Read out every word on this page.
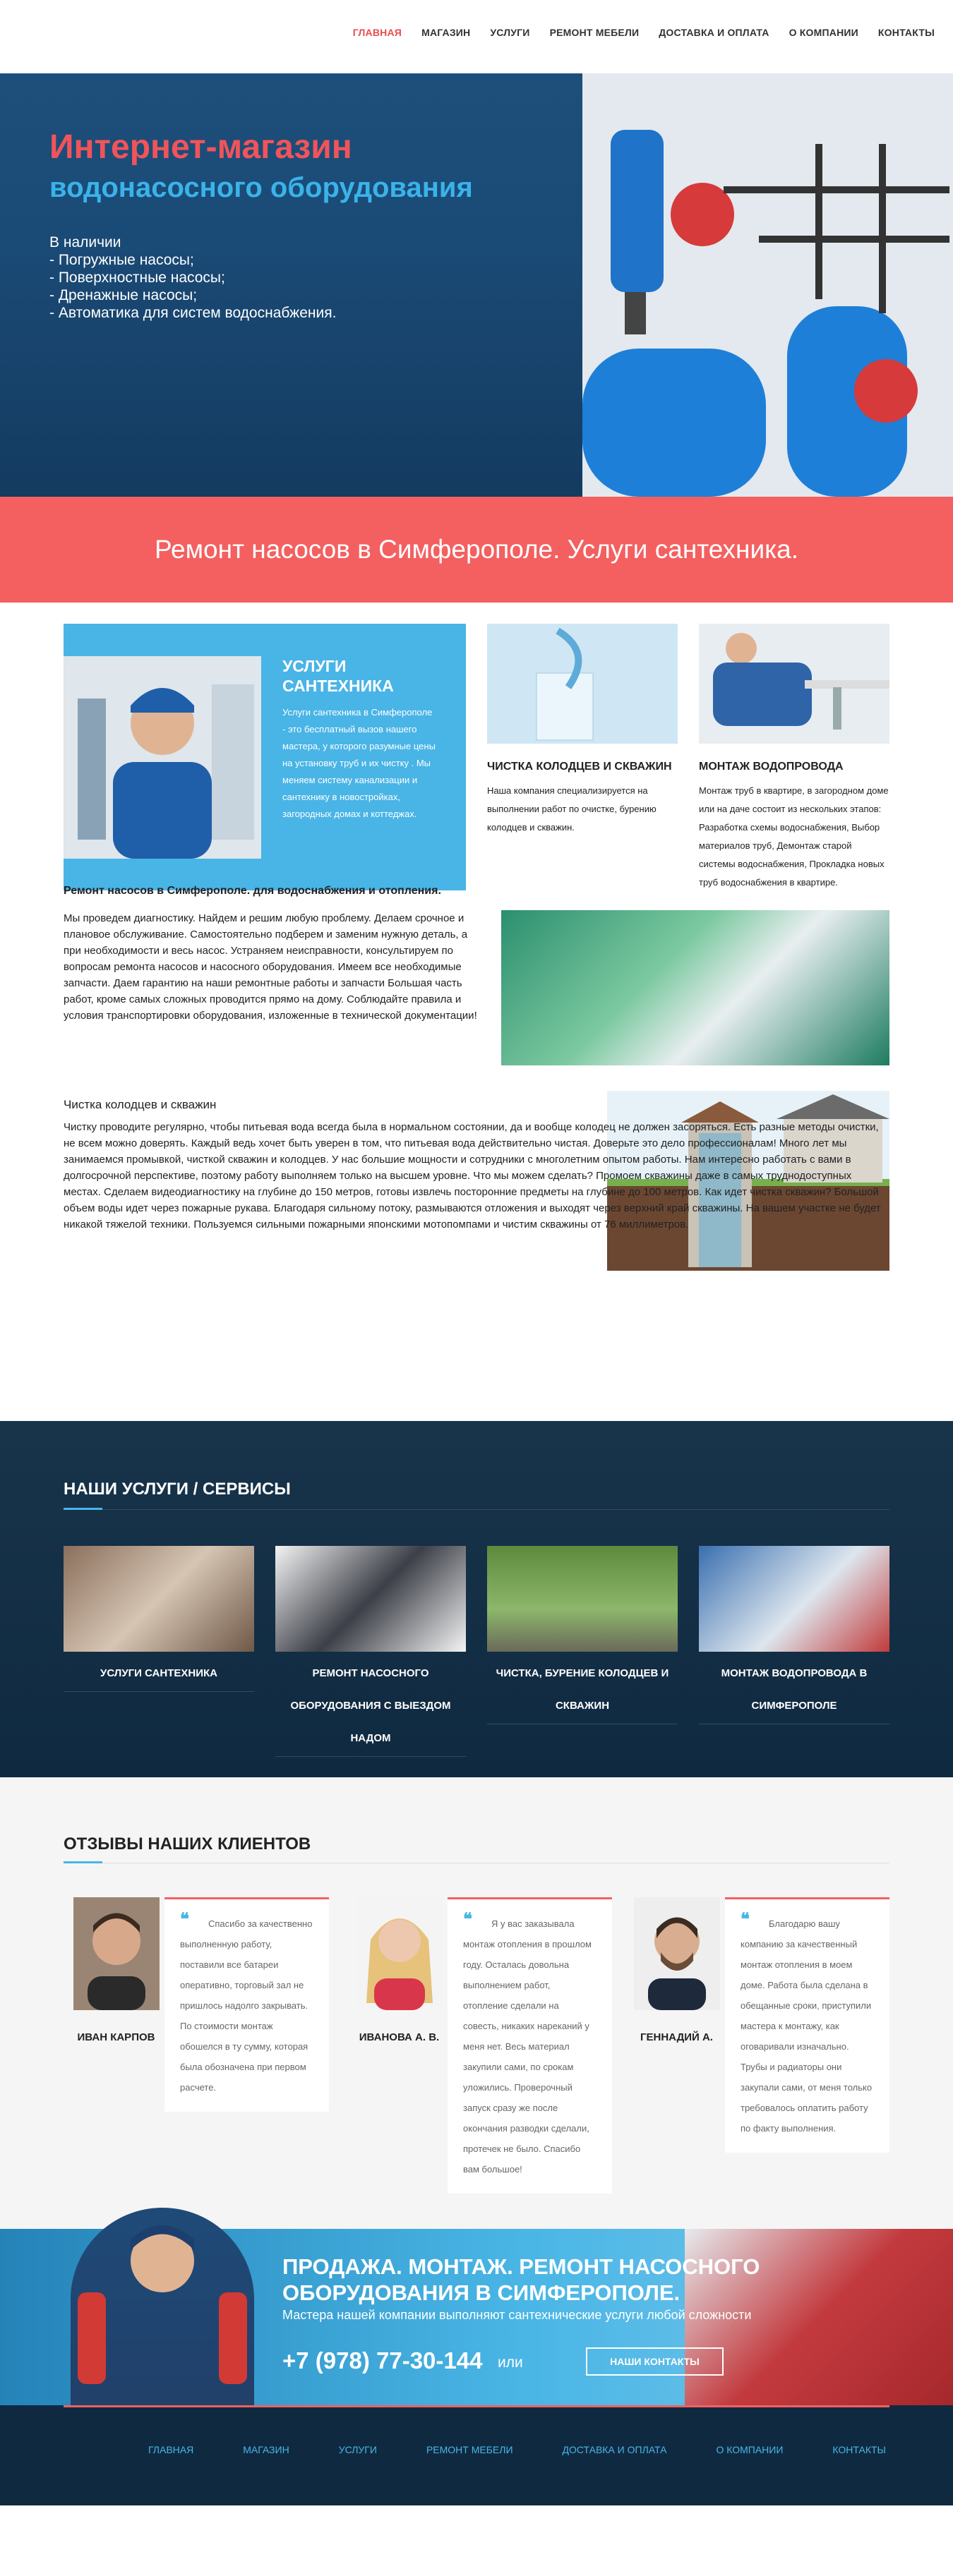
ГЛАВНАЯ МАГАЗИН УСЛУГИ РЕМОНТ МЕБЕЛИ ДОСТАВКА И ОПЛАТА О КОМПАНИИ КОНТАКТЫ
Интернет-магазин
водонасосного оборудования
В наличии
- Погружные насосы;
- Поверхностные насосы;
- Дренажные насосы;
- Автоматика для систем водоснабжения.
Ремонт насосов в Симферополе. Услуги сантехника.
УСЛУГИ САНТЕХНИКА

Услуги сантехника в Симферополе - это бесплатный вызов нашего мастера, у которого разумные цены на установку труб и их чистку . Мы меняем систему канализации и сантехнику в новостройках, загородных домах и коттеджах.

ЧИСТКА КОЛОДЦЕВ И СКВАЖИН

Наша компания специализируется на выполнении работ по очистке, бурению колодцев и скважин.

МОНТАЖ ВОДОПРОВОДА

Монтаж труб в квартире, в загородном доме или на даче состоит из нескольких этапов: Разработка схемы водоснабжения, Выбор материалов труб, Демонтаж старой системы водоснабжения, Прокладка новых труб водоснабжения в квартире.

Ремонт насосов в Симферополе. для водоснабжения и отопления.

Мы проведем диагностику. Найдем и решим любую проблему. Делаем срочное и плановое обслуживание. Самостоятельно подберем и заменим нужную деталь, а при необходимости и весь насос. Устраняем неисправности, консультируем по вопросам ремонта насосов и насосного оборудования. Имеем все необходимые запчасти. Даем гарантию на наши ремонтные работы и запчасти Большая часть работ, кроме самых сложных проводится прямо на дому. Соблюдайте правила и условия транспортировки оборудования, изложенные в технической документации!

Чистка колодцев и скважин

Чистку проводите регулярно, чтобы питьевая вода всегда была в нормальном состоянии, да и вообще колодец не должен засоряться. Есть разные методы очистки, не всем можно доверять. Каждый ведь хочет быть уверен в том, что питьевая вода действительно чистая. Доверьте это дело профессионалам! Много лет мы занимаемся промывкой, чисткой скважин и колодцев. У нас большие мощности и сотрудники с многолетним опытом работы. Нам интересно работать с вами в долгосрочной перспективе, поэтому работу выполняем только на высшем уровне. Что мы можем сделать? Промоем скважины даже в самых труднодоступных местах. Сделаем видеодиагностику на глубине до 150 метров, готовы извлечь посторонние предметы на глубине до 100 метров. Как идет чистка скважин? Большой объем воды идет через пожарные рукава. Благодаря сильному потоку, размываются отложения и выходят через верхний край скважины. На вашем участке не будет никакой тяжелой техники. Пользуемся сильными пожарными японскими мотопомпами и чистим скважины от 76 миллиметров.

НАШИ УСЛУГИ / СЕРВИСЫ
УСЛУГИ САНТЕХНИКА	РЕМОНТ НАСОСНОГО ОБОРУДОВАНИЯ С ВЫЕЗДОМ НАДОМ
ЧИСТКА, БУРЕНИЕ КОЛОДЦЕВ И СКВАЖИН
МОНТАЖ ВОДОПРОВОДА В СИМФЕРОПОЛЕ
ОТЗЫВЫ НАШИХ КЛИЕНТОВ
ИВАН КАРПОВ
❝	Спасибо за качественно выполненную работу, поставили все батареи оперативно, торговый зал не пришлось надолго закрывать. По стоимости монтаж обошелся в ту сумму, которая была обозначена при первом расчете.

ИВАНОВА А. В.
❝	Я у вас заказывала монтаж отопления в прошлом году. Осталась довольна выполнением работ, отопление сделали на совесть, никаких нареканий у меня нет. Весь материал закупили сами, по срокам уложились. Проверочный запуск сразу же после окончания разводки сделали, протечек не было. Спасибо вам большое!

ГЕННАДИЙ А.
❝	Благодарю вашу компанию за качественный монтаж отопления в моем доме. Работа была сделана в обещанные сроки, приступили мастера к монтажу, как оговаривали изначально. Трубы и радиаторы они закупали сами, от меня только требовалось оплатить работу по факту выполнения.

ПРОДАЖА. МОНТАЖ. РЕМОНТ НАСОСНОГО ОБОРУДОВАНИЯ В СИМФЕРОПОЛЕ.
Мастера нашей компании выполняют сантехнические услуги любой сложности
+7 (978) 77-30-144 или	НАШИ КОНТАКТЫ
ГЛАВНАЯ	МАГАЗИН	УСЛУГИ	РЕМОНТ МЕБЕЛИ	ДОСТАВКА И ОПЛАТА	О КОМПАНИИ	КОНТАКТЫ
